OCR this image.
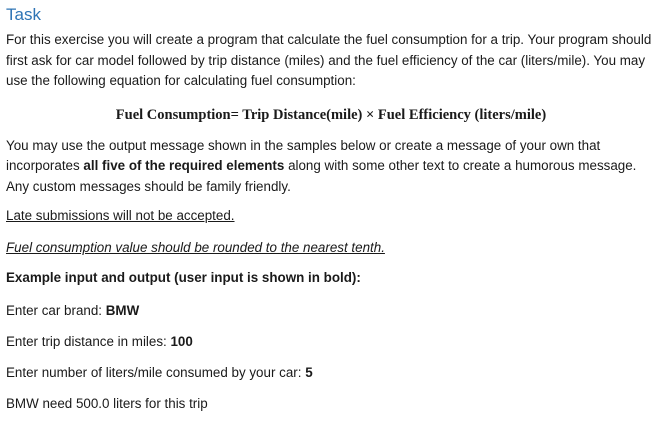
Task

For this exercise you will create a program that calculate the fuel consumption for a trip. Your program should first ask for car model followed by trip distance (miles) and the fuel efficiency of the car (liters/mile). You may use the following equation for calculating fuel consumption:

Fuel Consumption= Trip Distance(mile) × Fuel Efficiency (liters/mile)

You may use the output message shown in the samples below or create a message of your own that incorporates all five of the required elements along with some other text to create a humorous message. Any custom messages should be family friendly.

Late submissions will not be accepted.

Fuel consumption value should be rounded to the nearest tenth.

Example input and output (user input is shown in bold):

Enter car brand: BMW

Enter trip distance in miles: 100

Enter number of liters/mile consumed by your car: 5

BMW need 500.0 liters for this trip
